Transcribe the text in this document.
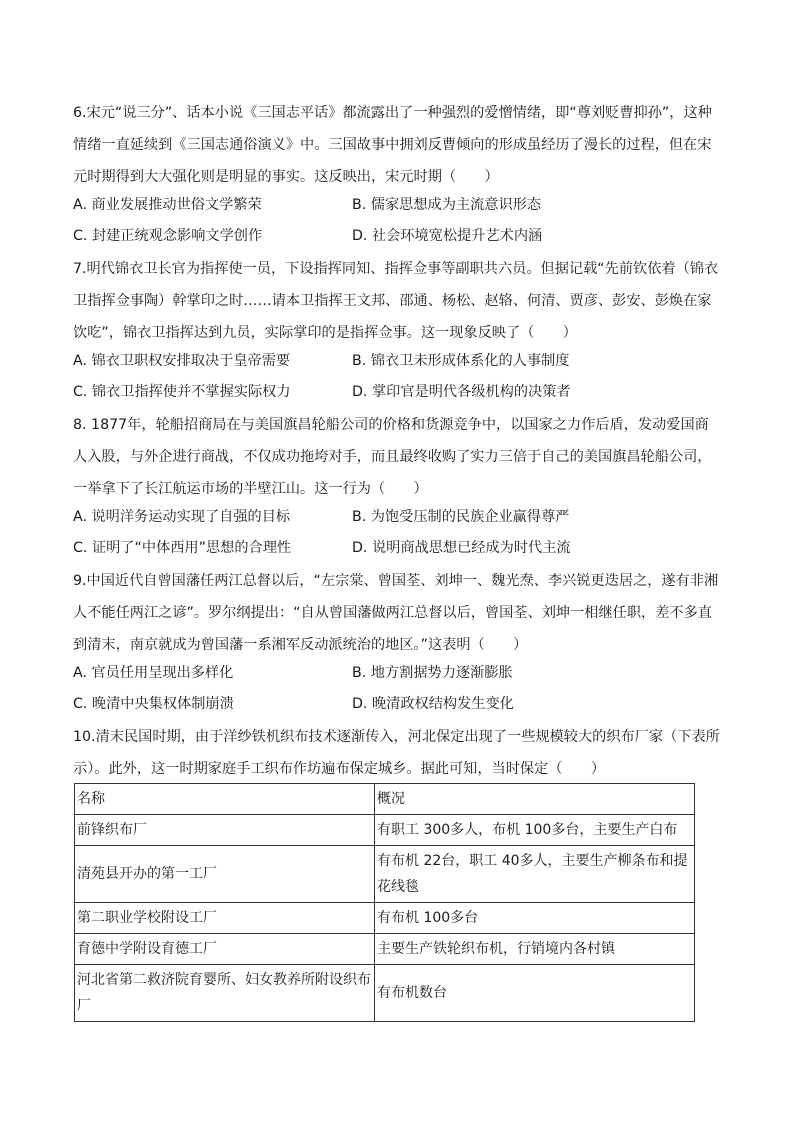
6.宋元“说三分”、话本小说《三国志平话》都流露出了一种强烈的爱憎情绪，即“尊刘贬曹抑孙”，这种情绪一直延续到《三国志通俗演义》中。三国故事中拥刘反曹倾向的形成虽经历了漫长的过程，但在宋元时期得到大大强化则是明显的事实。这反映出，宋元时期（　　）

A. 商业发展推动世俗文学繁荣	B. 儒家思想成为主流意识形态
C. 封建正统观念影响文学创作	D. 社会环境宽松提升艺术内涵

7.明代锦衣卫长官为指挥使一员，下设指挥同知、指挥佥事等副职共六员。但据记载“先前钦依着（锦衣卫指挥佥事陶）幹掌印之时……请本卫指挥王文邦、邵通、杨松、赵辂、何清、贾彦、彭安、彭焕在家饮吃”，锦衣卫指挥达到九员，实际掌印的是指挥佥事。这一现象反映了（　　）

A. 锦衣卫职权安排取决于皇帝需要	B. 锦衣卫未形成体系化的人事制度
C. 锦衣卫指挥使并不掌握实际权力	D. 掌印官是明代各级机构的决策者

8. 1877年，轮船招商局在与美国旗昌轮船公司的价格和货源竞争中，以国家之力作后盾，发动爱国商人入股，与外企进行商战，不仅成功拖垮对手，而且最终收购了实力三倍于自己的美国旗昌轮船公司，一举拿下了长江航运市场的半壁江山。这一行为（　　）

A. 说明洋务运动实现了自强的目标	B. 为饱受压制的民族企业赢得尊严
C. 证明了“中体西用”思想的合理性	D. 说明商战思想已经成为时代主流

9.中国近代自曾国藩任两江总督以后，“左宗棠、曾国荃、刘坤一、魏光焘、李兴锐更迭居之，遂有非湘人不能任两江之谚”。罗尔纲提出：“自从曾国藩做两江总督以后，曾国荃、刘坤一相继任职，差不多直到清末，南京就成为曾国藩一系湘军反动派统治的地区。”这表明（　　）

A. 官员任用呈现出多样化	B. 地方割据势力逐渐膨胀
C. 晚清中央集权体制崩溃	D. 晚清政权结构发生变化

10.清末民国时期，由于洋纱铁机织布技术逐渐传入，河北保定出现了一些规模较大的织布厂家（下表所示）。此外，这一时期家庭手工织布作坊遍布保定城乡。据此可知，当时保定（　　）

名称	概况
前锋织布厂	有职工 300多人，布机 100多台，主要生产白布
清苑县开办的第一工厂	有布机 22台，职工 40多人，主要生产柳条布和提花线毯
第二职业学校附设工厂	有布机 100多台
育德中学附设育德工厂	主要生产铁轮织布机，行销境内各村镇
河北省第二救济院育婴所、妇女教养所附设织布厂	有布机数台
